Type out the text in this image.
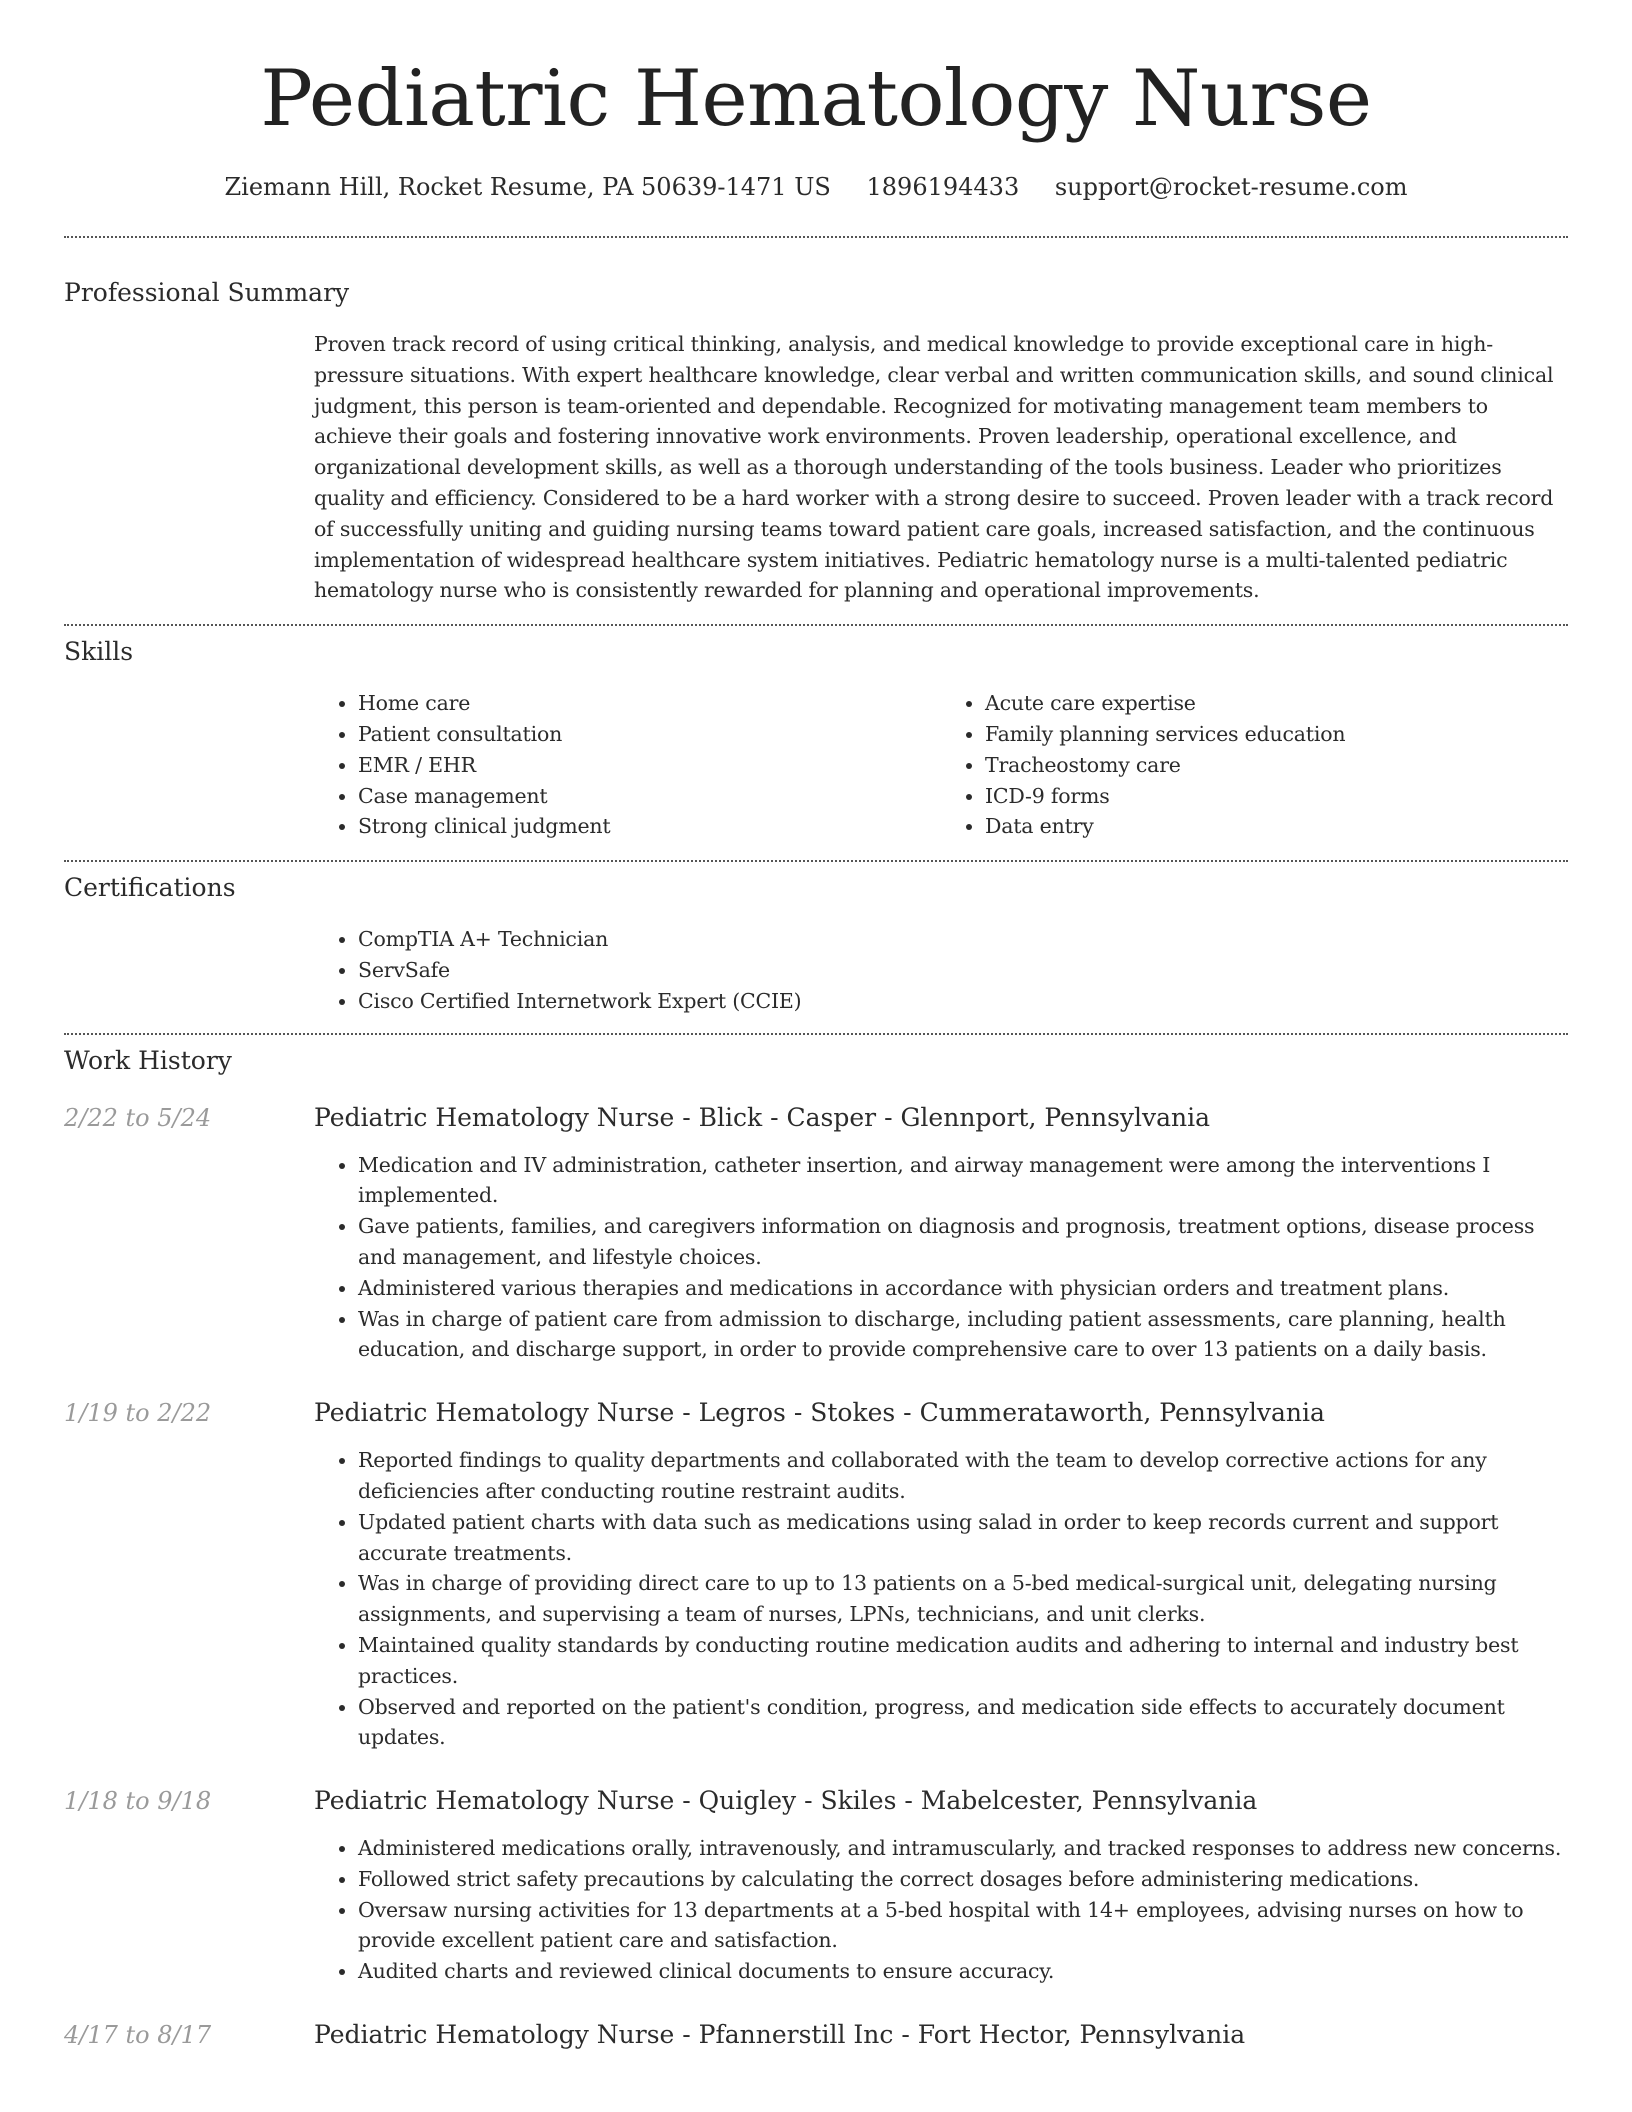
Pediatric Hematology Nurse
Ziemann Hill, Rocket Resume, PA 50639-1471 US 1896194433 support@rocket-resume.com
Professional Summary

Proven track record of using critical thinking, analysis, and medical knowledge to provide exceptional care in high-pressure situations. With expert healthcare knowledge, clear verbal and written communication skills, and sound clinical judgment, this person is team-oriented and dependable. Recognized for motivating management team members to achieve their goals and fostering innovative work environments. Proven leadership, operational excellence, and organizational development skills, as well as a thorough understanding of the tools business. Leader who prioritizes quality and efficiency. Considered to be a hard worker with a strong desire to succeed. Proven leader with a track record of successfully uniting and guiding nursing teams toward patient care goals, increased satisfaction, and the continuous implementation of widespread healthcare system initiatives. Pediatric hematology nurse is a multi-talented pediatric hematology nurse who is consistently rewarded for planning and operational improvements.

Skills
• Home care
• Patient consultation
• EMR / EHR
• Case management
• Strong clinical judgment
• Acute care expertise
• Family planning services education
• Tracheostomy care
• ICD-9 forms
• Data entry
Certifications
• CompTIA A+ Technician
• ServSafe
• Cisco Certified Internetwork Expert (CCIE)
Work History
2/22 to 5/24	Pediatric Hematology Nurse - Blick - Casper - Glennport, Pennsylvania
• Medication and IV administration, catheter insertion, and airway management were among the interventions I implemented.
• Gave patients, families, and caregivers information on diagnosis and prognosis, treatment options, disease process and management, and lifestyle choices.
• Administered various therapies and medications in accordance with physician orders and treatment plans.
• Was in charge of patient care from admission to discharge, including patient assessments, care planning, health education, and discharge support, in order to provide comprehensive care to over 13 patients on a daily basis.
1/19 to 2/22	Pediatric Hematology Nurse - Legros - Stokes - Cummerataworth, Pennsylvania
• Reported findings to quality departments and collaborated with the team to develop corrective actions for any deficiencies after conducting routine restraint audits.
• Updated patient charts with data such as medications using salad in order to keep records current and support accurate treatments.
• Was in charge of providing direct care to up to 13 patients on a 5-bed medical-surgical unit, delegating nursing assignments, and supervising a team of nurses, LPNs, technicians, and unit clerks.
• Maintained quality standards by conducting routine medication audits and adhering to internal and industry best practices.
• Observed and reported on the patient's condition, progress, and medication side effects to accurately document updates.
1/18 to 9/18	Pediatric Hematology Nurse - Quigley - Skiles - Mabelcester, Pennsylvania
• Administered medications orally, intravenously, and intramuscularly, and tracked responses to address new concerns.
• Followed strict safety precautions by calculating the correct dosages before administering medications.
• Oversaw nursing activities for 13 departments at a 5-bed hospital with 14+ employees, advising nurses on how to provide excellent patient care and satisfaction.
• Audited charts and reviewed clinical documents to ensure accuracy.
4/17 to 8/17	Pediatric Hematology Nurse - Pfannerstill Inc - Fort Hector, Pennsylvania
